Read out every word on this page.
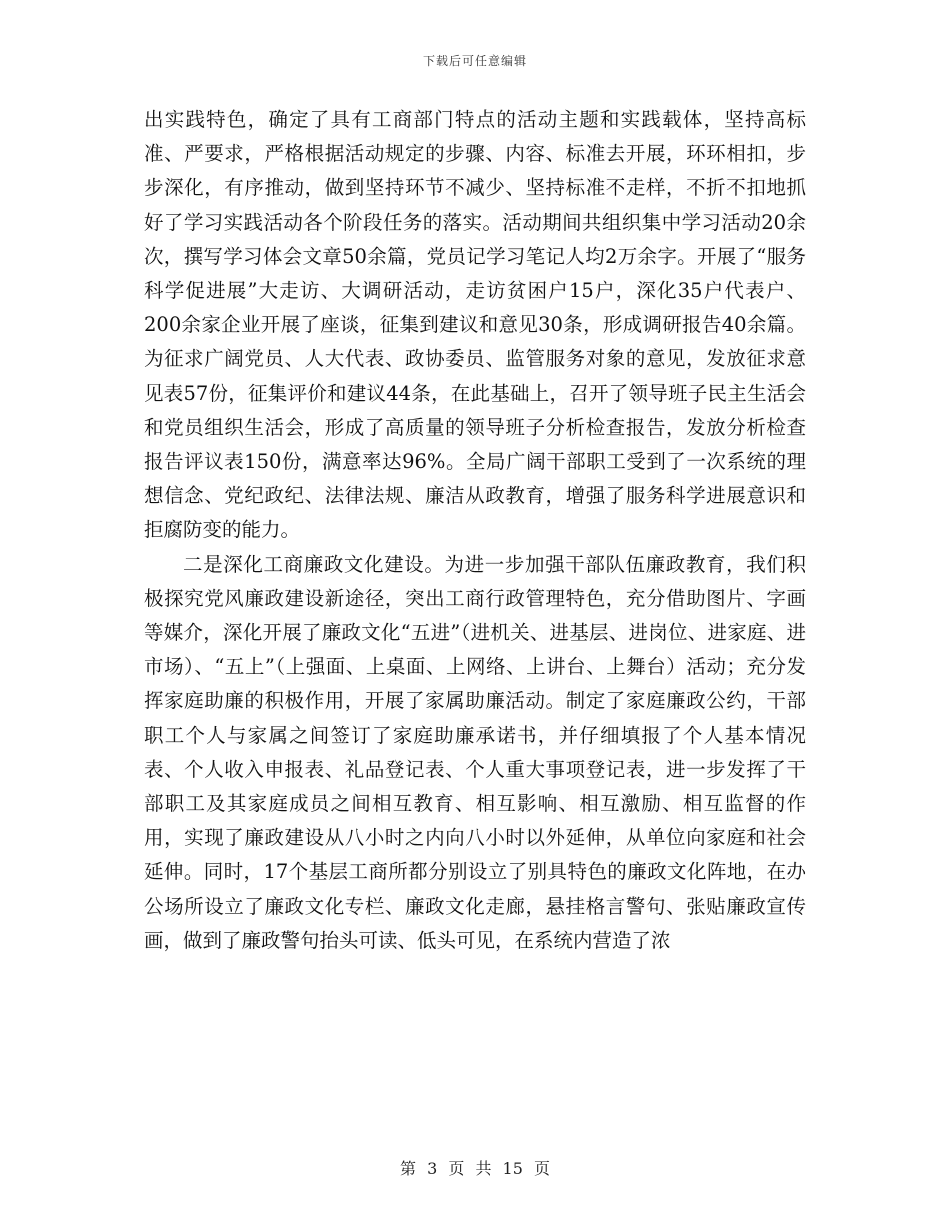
下载后可任意编辑

出实践特色，确定了具有工商部门特点的活动主题和实践载体，坚持高标准、严要求，严格根据活动规定的步骤、内容、标准去开展，环环相扣，步步深化，有序推动，做到坚持环节不减少、坚持标准不走样，不折不扣地抓好了学习实践活动各个阶段任务的落实。活动期间共组织集中学习活动20余次，撰写学习体会文章50余篇，党员记学习笔记人均2万余字。开展了“服务科学促进展”大走访、大调研活动，走访贫困户15户，深化35户代表户、200余家企业开展了座谈，征集到建议和意见30条，形成调研报告40余篇。为征求广阔党员、人大代表、政协委员、监管服务对象的意见，发放征求意见表57份，征集评价和建议44条，在此基础上，召开了领导班子民主生活会和党员组织生活会，形成了高质量的领导班子分析检查报告，发放分析检查报告评议表150份，满意率达96%。全局广阔干部职工受到了一次系统的理想信念、党纪政纪、法律法规、廉洁从政教育，增强了服务科学进展意识和拒腐防变的能力。

二是深化工商廉政文化建设。为进一步加强干部队伍廉政教育，我们积极探究党风廉政建设新途径，突出工商行政管理特色，充分借助图片、字画等媒介，深化开展了廉政文化“五进”（进机关、进基层、进岗位、进家庭、进市场）、“五上”（上强面、上桌面、上网络、上讲台、上舞台）活动；充分发挥家庭助廉的积极作用，开展了家属助廉活动。制定了家庭廉政公约，干部职工个人与家属之间签订了家庭助廉承诺书，并仔细填报了个人基本情况表、个人收入申报表、礼品登记表、个人重大事项登记表，进一步发挥了干部职工及其家庭成员之间相互教育、相互影响、相互激励、相互监督的作用，实现了廉政建设从八小时之内向八小时以外延伸，从单位向家庭和社会延伸。同时，17个基层工商所都分别设立了别具特色的廉政文化阵地，在办公场所设立了廉政文化专栏、廉政文化走廊，悬挂格言警句、张贴廉政宣传画，做到了廉政警句抬头可读、低头可见，在系统内营造了浓

第 3 页 共 15 页
